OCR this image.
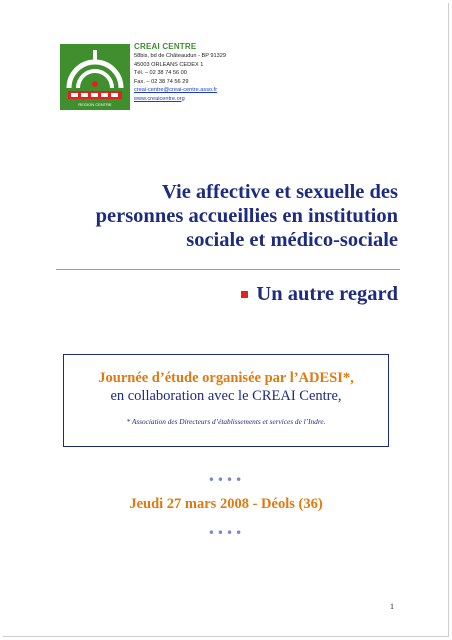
REGION CENTRE
CREAI CENTRE
58bis, bd de Châteaudun - BP 91329
45003 ORLEANS CEDEX 1
Tél. – 02 38 74 56 00
Fax. – 02 38 74 56 29
creai-centre@creai-centre.asso.fr
www.creaicentre.org
Vie affective et sexuelle des
personnes accueillies en institution
sociale et médico-sociale
Un autre regard
Journée d’étude organisée par l’ADESI*,
en collaboration avec le CREAI Centre,
* Association des Directeurs d’établissements et services de l’Indre.
••••
Jeudi 27 mars 2008 - Déols (36)
••••
1
